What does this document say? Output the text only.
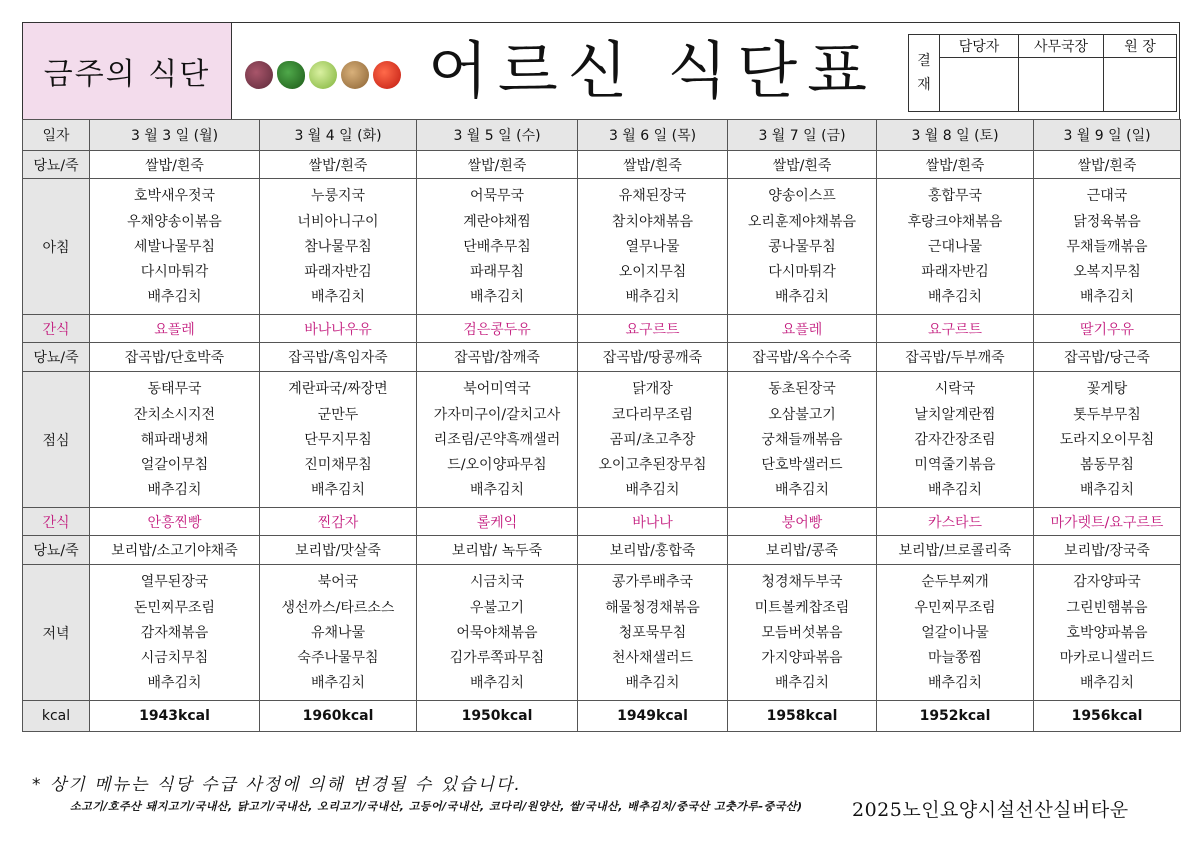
금주의 식단	어르신 식단표	결
재	담당자	사무국장	원 장

일자	3 월 3 일 (월)	3 월 4 일 (화)	3 월 5 일 (수)	3 월 6 일 (목)	3 월 7 일 (금)	3 월 8 일 (토)	3 월 9 일 (일)
당뇨/죽	쌀밥/흰죽	쌀밥/흰죽	쌀밥/흰죽	쌀밥/흰죽	쌀밥/흰죽	쌀밥/흰죽	쌀밥/흰죽
아침	호박새우젓국
우채양송이볶음
세발나물무침
다시마튀각
배추김치	누룽지국
너비아니구이
참나물무침
파래자반김
배추김치	어묵무국
계란야채찜
단배추무침
파래무침
배추김치	유채된장국
참치야채볶음
열무나물
오이지무침
배추김치	양송이스프
오리훈제야채볶음
콩나물무침
다시마튀각
배추김치	홍합무국
후랑크야채볶음
근대나물
파래자반김
배추김치	근대국
닭정육볶음
무채들깨볶음
오복지무침
배추김치

간식	요플레	바나나우유	검은콩두유	요구르트	요플레	요구르트	딸기우유
당뇨/죽	잡곡밥/단호박죽	잡곡밥/흑임자죽	잡곡밥/참깨죽	잡곡밥/땅콩깨죽	잡곡밥/옥수수죽	잡곡밥/두부깨죽	잡곡밥/당근죽
점심	동태무국
잔치소시지전
해파래냉채
얼갈이무침
배추김치	계란파국/짜장면
군만두
단무지무침
진미채무침
배추김치	북어미역국
가자미구이/갈치고사
리조림/곤약흑깨샐러
드/오이양파무침
배추김치	닭개장
코다리무조림
곰피/초고추장
오이고추된장무침
배추김치	동초된장국
오삼불고기
궁채들깨볶음
단호박샐러드
배추김치	시락국
날치알계란찜
감자간장조림
미역줄기볶음
배추김치	꽃게탕
톳두부무침
도라지오이무침
봄동무침
배추김치

간식	안흥찐빵	찐감자	롤케익	바나나	붕어빵	카스타드	마가렛트/요구르트
당뇨/죽	보리밥/소고기야채죽	보리밥/맛살죽	보리밥/ 녹두죽	보리밥/홍합죽	보리밥/콩죽	보리밥/브로콜리죽	보리밥/장국죽
저녁	열무된장국
돈민찌무조림
감자채볶음
시금치무침
배추김치	북어국
생선까스/타르소스
유채나물
숙주나물무침
배추김치	시금치국
우불고기
어묵야채볶음
김가루쪽파무침
배추김치	콩가루배추국
해물청경채볶음
청포묵무침
천사채샐러드
배추김치	청경채두부국
미트볼케찹조림
모듬버섯볶음
가지양파볶음
배추김치	순두부찌개
우민찌무조림
얼갈이나물
마늘쫑찜
배추김치	감자양파국
그린빈햄볶음
호박양파볶음
마카로니샐러드
배추김치

kcal	1943kcal	1960kcal	1950kcal	1949kcal	1958kcal	1952kcal	1956kcal
* 상기 메뉴는 식당 수급 사정에 의해 변경될 수 있습니다.
소고기/호주산 돼지고기/국내산, 닭고기/국내산, 오리고기/국내산, 고등어/국내산, 코다리/원양산, 쌀/국내산, 배추김치/중국산 고춧가루-중국산)	2025노인요양시설선산실버타운
